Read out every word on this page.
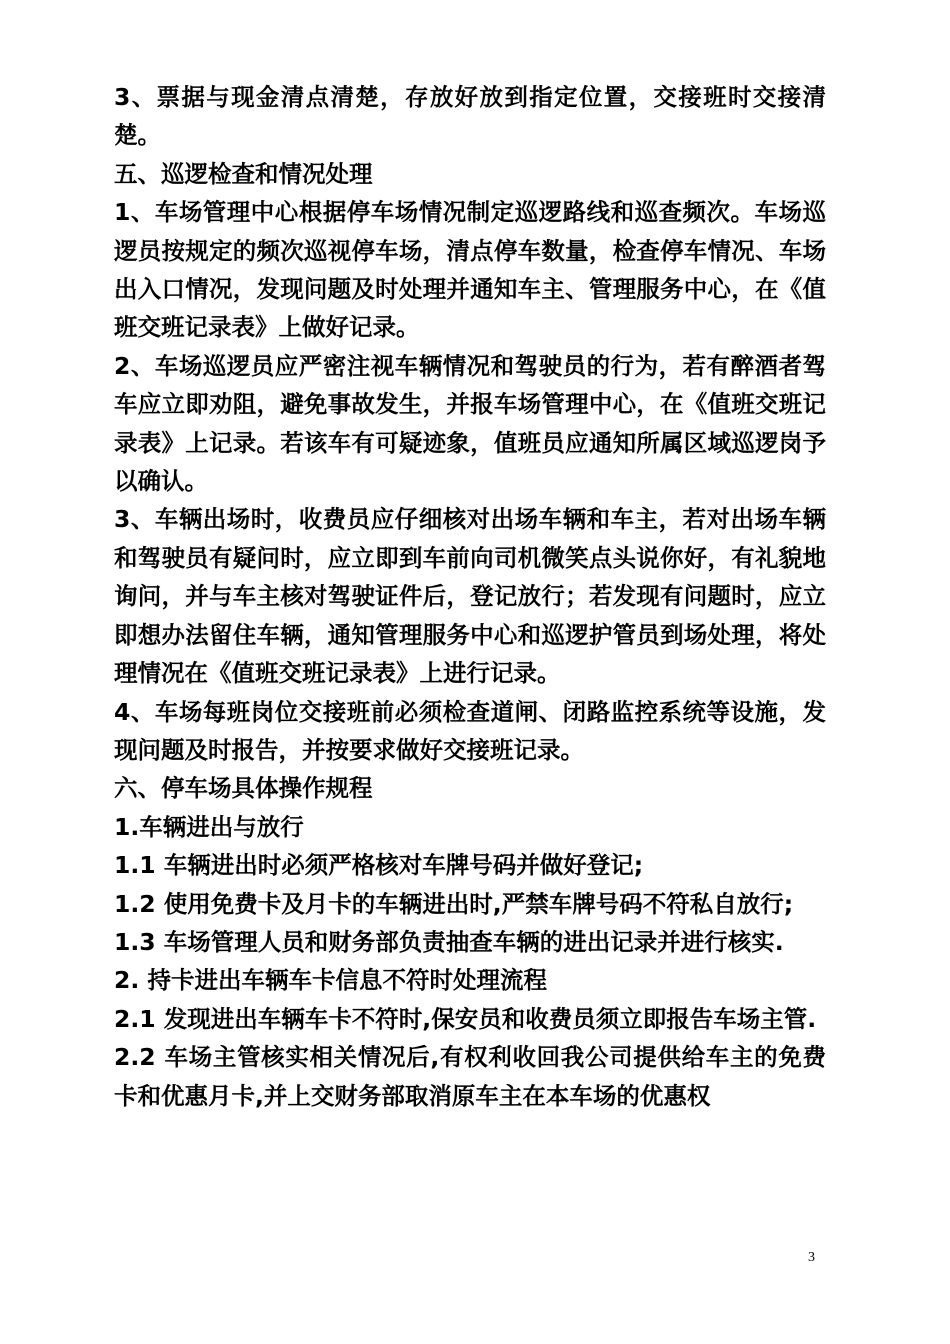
3、票据与现金清点清楚，存放好放到指定位置，交接班时交接清楚。

五、巡逻检查和情况处理

1、车场管理中心根据停车场情况制定巡逻路线和巡查频次。车场巡逻员按规定的频次巡视停车场，清点停车数量，检查停车情况、车场出入口情况，发现问题及时处理并通知车主、管理服务中心，在《值班交班记录表》上做好记录。

2、车场巡逻员应严密注视车辆情况和驾驶员的行为，若有醉酒者驾车应立即劝阻，避免事故发生，并报车场管理中心，在《值班交班记录表》上记录。若该车有可疑迹象，值班员应通知所属区域巡逻岗予以确认。

3、车辆出场时，收费员应仔细核对出场车辆和车主，若对出场车辆和驾驶员有疑问时，应立即到车前向司机微笑点头说你好，有礼貌地询问，并与车主核对驾驶证件后，登记放行；若发现有问题时，应立即想办法留住车辆，通知管理服务中心和巡逻护管员到场处理，将处理情况在《值班交班记录表》上进行记录。

4、车场每班岗位交接班前必须检查道闸、闭路监控系统等设施，发现问题及时报告，并按要求做好交接班记录。

六、停车场具体操作规程

1.车辆进出与放行

1.1 车辆进出时必须严格核对车牌号码并做好登记;

1.2 使用免费卡及月卡的车辆进出时,严禁车牌号码不符私自放行;

1.3 车场管理人员和财务部负责抽查车辆的进出记录并进行核实.

2. 持卡进出车辆车卡信息不符时处理流程

2.1 发现进出车辆车卡不符时,保安员和收费员须立即报告车场主管.

2.2 车场主管核实相关情况后,有权利收回我公司提供给车主的免费卡和优惠月卡,并上交财务部取消原车主在本车场的优惠权

3
